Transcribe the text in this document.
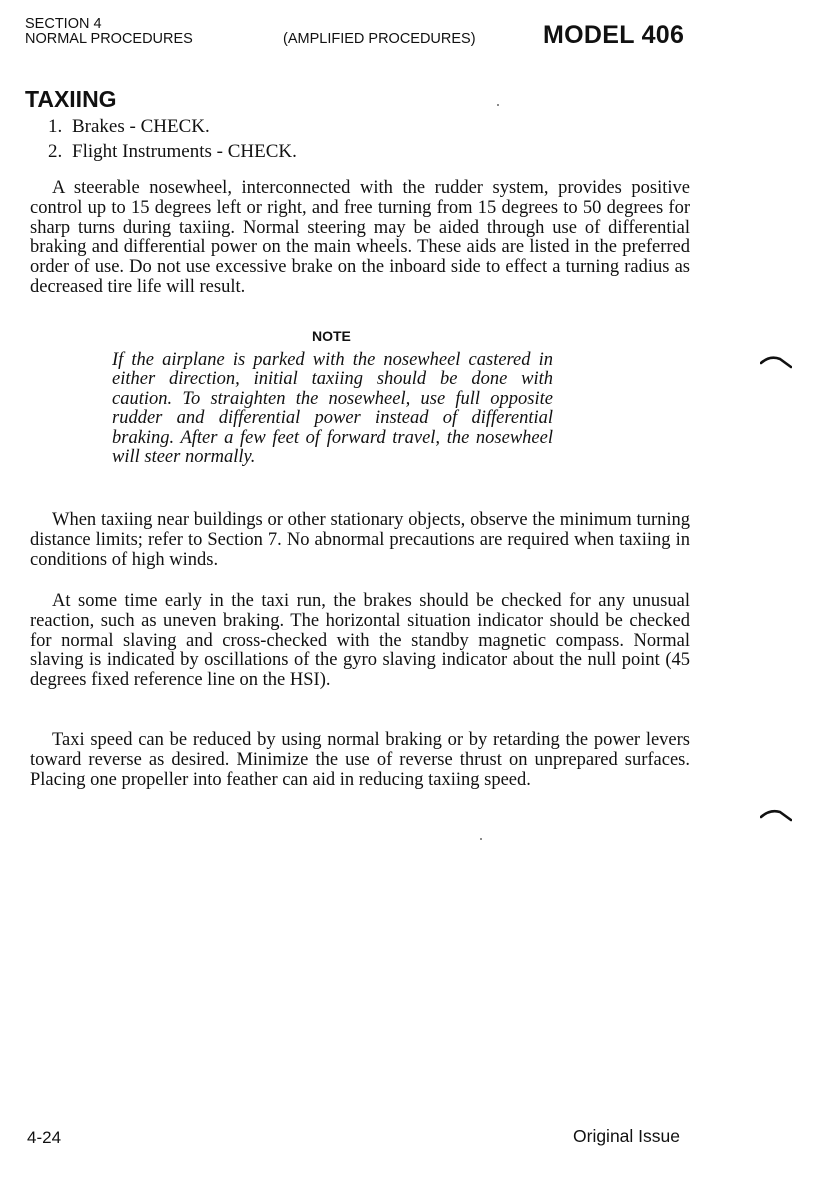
SECTION 4
NORMAL PROCEDURES	(AMPLIFIED PROCEDURES)	MODEL 406
TAXIING
1. Brakes - CHECK.
2. Flight Instruments - CHECK.

A steerable nosewheel, interconnected with the rudder system, provides positive control up to 15 degrees left or right, and free turning from 15 degrees to 50 degrees for sharp turns during taxiing. Normal steering may be aided through use of differential braking and differential power on the main wheels. These aids are listed in the preferred order of use. Do not use excessive brake on the inboard side to effect a turning radius as decreased tire life will result.

NOTE

If the airplane is parked with the nosewheel castered in either direction, initial taxiing should be done with caution. To straighten the nosewheel, use full opposite rudder and differential power instead of differential braking. After a few feet of forward travel, the nosewheel will steer normally.

When taxiing near buildings or other stationary objects, observe the minimum turning distance limits; refer to Section 7. No abnormal precautions are required when taxiing in conditions of high winds.

At some time early in the taxi run, the brakes should be checked for any unusual reaction, such as uneven braking. The horizontal situation indicator should be checked for normal slaving and cross-checked with the standby magnetic compass. Normal slaving is indicated by oscillations of the gyro slaving indicator about the null point (45 degrees fixed reference line on the HSI).

Taxi speed can be reduced by using normal braking or by retarding the power levers toward reverse as desired. Minimize the use of reverse thrust on unprepared surfaces. Placing one propeller into feather can aid in reducing taxiing speed.

4-24	Original Issue
